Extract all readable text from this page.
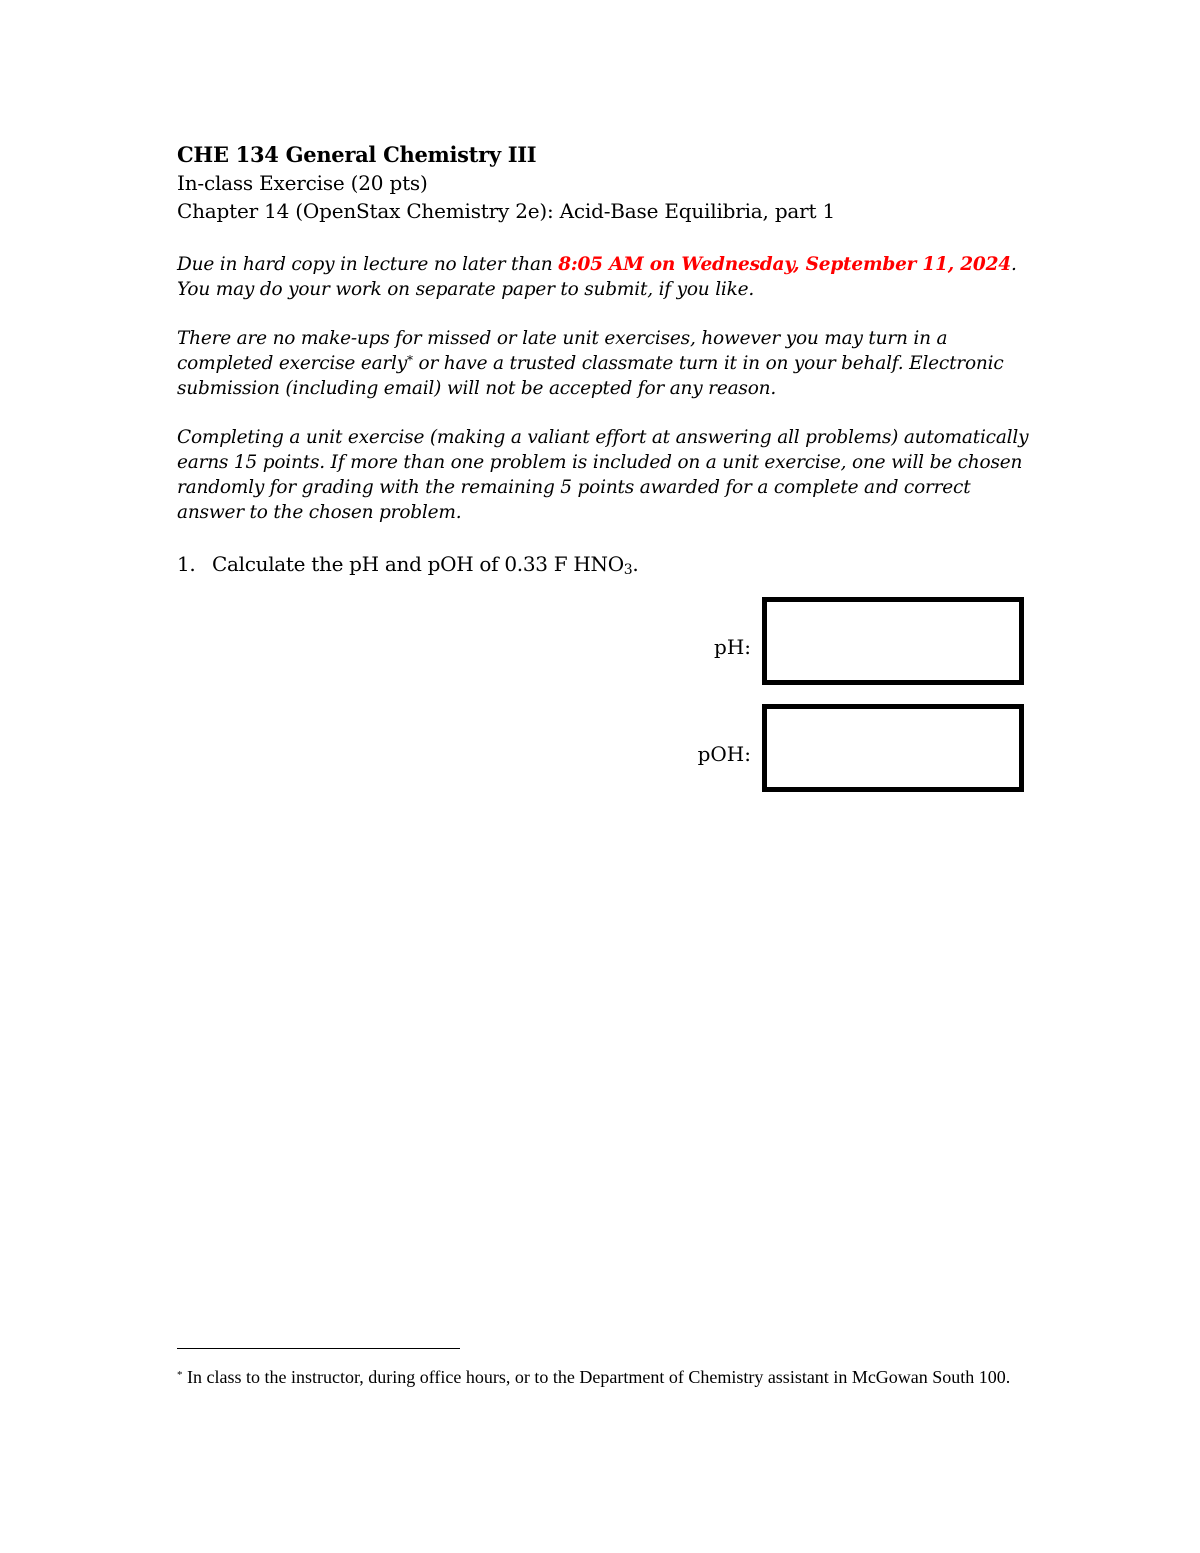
CHE 134 General Chemistry III
In-class Exercise (20 pts)
Chapter 14 (OpenStax Chemistry 2e): Acid-Base Equilibria, part 1
Due in hard copy in lecture no later than 8:05 AM on Wednesday, September 11, 2024. You may do your work on separate paper to submit, if you like.
There are no make-ups for missed or late unit exercises, however you may turn in a completed exercise early* or have a trusted classmate turn it in on your behalf. Electronic submission (including email) will not be accepted for any reason.
Completing a unit exercise (making a valiant effort at answering all problems) automatically earns 15 points. If more than one problem is included on a unit exercise, one will be chosen randomly for grading with the remaining 5 points awarded for a complete and correct answer to the chosen problem.
1. Calculate the pH and pOH of 0.33 F $HNO_3$.
pH:
pOH:
* In class to the instructor, during office hours, or to the Department of Chemistry assistant in McGowan South 100.
